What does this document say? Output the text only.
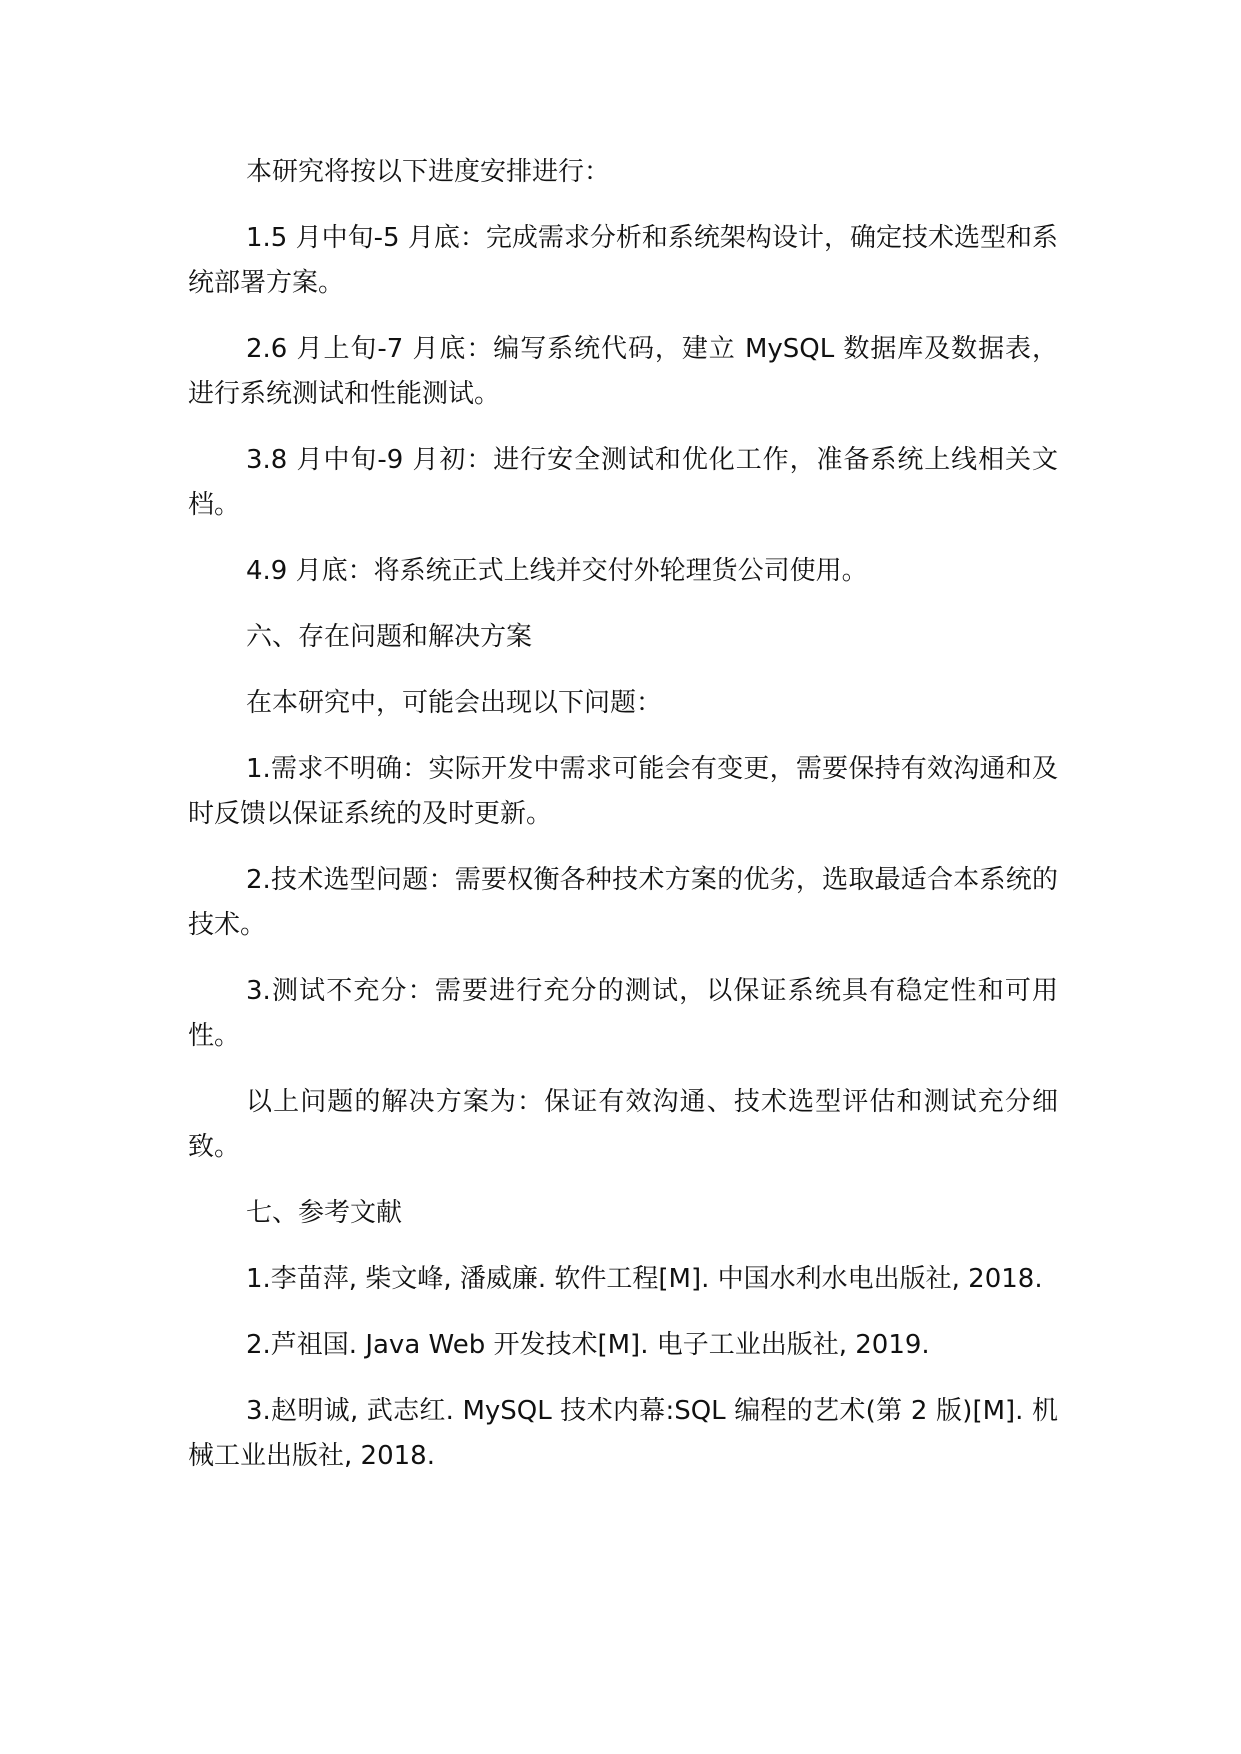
本研究将按以下进度安排进行：

1.5 月中旬-5 月底：完成需求分析和系统架构设计，确定技术选型和系统部署方案。

2.6 月上旬-7 月底：编写系统代码，建立 MySQL 数据库及数据表，进行系统测试和性能测试。

3.8 月中旬-9 月初：进行安全测试和优化工作，准备系统上线相关文档。

4.9 月底：将系统正式上线并交付外轮理货公司使用。

六、存在问题和解决方案

在本研究中，可能会出现以下问题：

1.需求不明确：实际开发中需求可能会有变更，需要保持有效沟通和及时反馈以保证系统的及时更新。

2.技术选型问题：需要权衡各种技术方案的优劣，选取最适合本系统的技术。

3.测试不充分：需要进行充分的测试，以保证系统具有稳定性和可用性。

以上问题的解决方案为：保证有效沟通、技术选型评估和测试充分细致。

七、参考文献

1.李苗萍, 柴文峰, 潘威廉. 软件工程[M]. 中国水利水电出版社, 2018.

2.芦祖国. Java Web 开发技术[M]. 电子工业出版社, 2019.

3.赵明诚, 武志红. MySQL 技术内幕:SQL 编程的艺术(第 2 版)[M]. 机械工业出版社, 2018.
